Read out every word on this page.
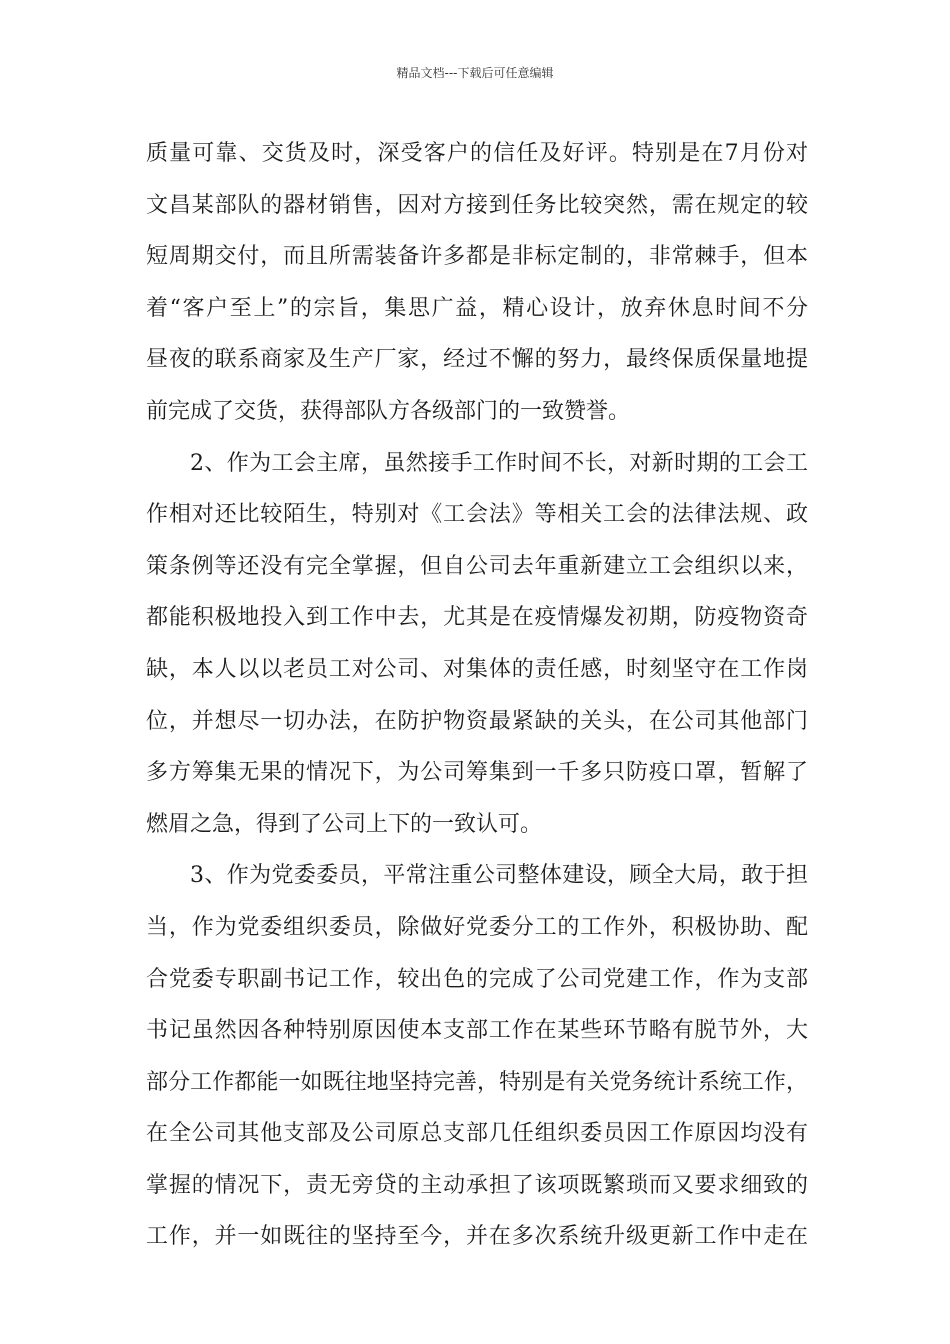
精品文档---下载后可任意编辑
质量可靠、交货及时，深受客户的信任及好评。特别是在7月份对
文昌某部队的器材销售，因对方接到任务比较突然，需在规定的较
短周期交付，而且所需装备许多都是非标定制的，非常棘手，但本
着“客户至上”的宗旨，集思广益，精心设计，放弃休息时间不分
昼夜的联系商家及生产厂家，经过不懈的努力，最终保质保量地提
前完成了交货，获得部队方各级部门的一致赞誉。
2、作为工会主席，虽然接手工作时间不长，对新时期的工会工
作相对还比较陌生，特别对《工会法》等相关工会的法律法规、政
策条例等还没有完全掌握，但自公司去年重新建立工会组织以来，
都能积极地投入到工作中去，尤其是在疫情爆发初期，防疫物资奇
缺，本人以以老员工对公司、对集体的责任感，时刻坚守在工作岗
位，并想尽一切办法，在防护物资最紧缺的关头，在公司其他部门
多方筹集无果的情况下，为公司筹集到一千多只防疫口罩，暂解了
燃眉之急，得到了公司上下的一致认可。
3、作为党委委员，平常注重公司整体建设，顾全大局，敢于担
当，作为党委组织委员，除做好党委分工的工作外，积极协助、配
合党委专职副书记工作，较出色的完成了公司党建工作，作为支部
书记虽然因各种特别原因使本支部工作在某些环节略有脱节外，大
部分工作都能一如既往地坚持完善，特别是有关党务统计系统工作，
在全公司其他支部及公司原总支部几任组织委员因工作原因均没有
掌握的情况下，责无旁贷的主动承担了该项既繁琐而又要求细致的
工作，并一如既往的坚持至今，并在多次系统升级更新工作中走在
